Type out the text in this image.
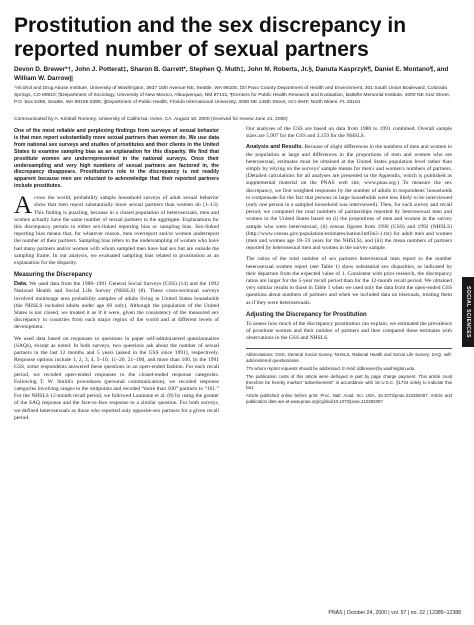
Prostitution and the sex discrepancy in reported number of sexual partners
Devon D. Brewer*†, John J. Potterat‡, Sharon B. Garrett*, Stephen Q. Muth‡, John M. Roberts, Jr.§, Danuta Kasprzyk¶, Daniel E. Montano¶, and William W. Darrow||
*Alcohol and Drug Abuse Institute, University of Washington, 3937 15th Avenue NE, Seattle, WA 98105; ‡El Paso County Department of Health and Environment, 301 South Union Boulevard, Colorado Springs, CO 80910; §Department of Sociology, University of New Mexico, Albuquerque, NM 87131; ¶Centers for Public Health Research and Evaluation, Battelle Memorial Institute, 4000 NE 41st Street, P.O. Box 5395, Seattle, WA 98105-5395; ||Department of Public Health, Florida International University, 3000 NE 145th Street, ACI-394F, North Miami, FL 33181
Communicated by A. Kimball Romney, University of California, Irvine, CA, August 16, 2000 (received for review June 21, 2000)
One of the most reliable and perplexing findings from surveys of sexual behavior is that men report substantially more sexual partners than women do. We use data from national sex surveys and studies of prostitutes and their clients in the United States to examine sampling bias as an explanation for this disparity. We find that prostitute women are underrepresented in the national surveys. Once their undersampling and very high numbers of sexual partners are factored in, the discrepancy disappears. Prostitution's role in the discrepancy is not readily apparent because men are reluctant to acknowledge that their reported partners include prostitutes.
Across the world, probability sample household surveys of adult sexual behavior show that men report substantially more sexual partners than women do (1–13). This finding is puzzling, because in a closed population of heterosexuals, men and women actually have the same number of sexual partners in the aggregate. Explanations for this discrepancy pertain to either sex-linked reporting bias or sampling bias. Sex-linked reporting bias means that, for whatever reason, men overreport and/or women underreport the number of their partners. Sampling bias refers to the undersampling of women who have had many partners and/or women with whom sampled men have had sex but are outside the sampling frame. In our analysis, we evaluated sampling bias related to prostitution as an explanation for the disparity.
Measuring the Discrepancy
Data. We used data from the 1988–1991 General Social Surveys (GSS) (14) and the 1992 National Health and Social Life Survey (NHSLS) (8). These cross-sectional surveys involved multistage area probability samples of adults living in United States households (the NHSLS included adults under age 60 only). Although the population of the United States is not closed, we treated it as if it were, given the consistency of the measured sex discrepancy in countries from each major region of the world and at different levels of development.
We used data based on responses to questions in paper self-administered questionnaires (SAQs), except as noted. In both surveys, two questions ask about the number of sexual partners in the last 12 months and 5 years (asked in the GSS since 1991), respectively. Response options include 1, 2, 3, 4, 5–10, 11–20, 21–100, and more than 100. In the 1991 GSS, some respondents answered these questions in an open-ended fashion. For each recall period, we recoded open-ended responses to the closed-ended response categories. Following T. W. Smith's procedures (personal communication), we recoded response categories involving ranges to the midpoints and recoded “more than 100” partners to “101.” For the NHSLS 12-month recall period, we followed Laumann et al. (8) by using the greater of the SAQ response and the face-to-face response to a similar question. For both surveys, we defined heterosexuals as those who reported only opposite-sex partners for a given recall period.
Our analyses of the GSS are based on data from 1988 to 1991 combined. Overall sample sizes are 5,907 for the GSS and 3,159 for the NHSLS.
Analysis and Results. Because of slight differences in the numbers of men and women in the population at large and differences in the proportions of men and women who are heterosexual, estimates must be obtained at the United States population level rather than simply by relying on the surveys' sample means for men's and women's numbers of partners. (Detailed calculations for all analyses are presented in the Appendix, which is published as supplemental material on the PNAS web site, www.pnas.org.) To measure the sex discrepancy, we first weighted responses by the number of adults in respondents' households to compensate for the fact that persons in large households were less likely to be interviewed (only one person in a sampled household was interviewed). Then, for each survey and recall period, we computed the total numbers of partnerships reported by heterosexual men and women in the United States based on (i) the proportions of men and women in the survey sample who were heterosexual, (ii) census figures from 1990 (GSS) and 1992 (NHSLS) (http://www.census.gov/population/estimates/nation/intfile2-1.txt) for adult men and women (men and women age 18–59 years for the NHSLS), and (iii) the mean numbers of partners reported by heterosexual men and women in the survey sample.
The ratios of the total number of sex partners heterosexual men report to the number heterosexual women report (see Table 1) show substantial sex disparities, as indicated by their departure from the expected value of 1. Consistent with prior research, the discrepancy ratios are larger for the 5-year recall period than for the 12-month recall period. We obtained very similar results to those in Table 1 when we used only the data from the open-ended GSS questions about numbers of partners and when we included data on bisexuals, treating them as if they were heterosexuals.
Adjusting the Discrepancy for Prostitution
To assess how much of the discrepancy prostitution can explain, we estimated the prevalence of prostitute women and their number of partners and then compared these estimates with observations in the GSS and NHSLS.
Abbreviations: GSS, General Social Survey; NHSLS, National Health and Social Life Survey; SAQ, self-administered questionnaire.
†To whom reprint requests should be addressed. E-mail: ddbrewer@u.washington.edu.
The publication costs of this article were defrayed in part by page charge payment. This article must therefore be hereby marked “advertisement” in accordance with 18 U.S.C. §1734 solely to indicate this fact.
Article published online before print: Proc. Natl. Acad. Sci. USA, 10.1073/pnas.210392097. Article and publication date are at www.pnas.org/cgi/doi/10.1073/pnas.210392097
PNAS | October 24, 2000 | vol. 97 | no. 22 | 12385–12388
SOCIAL SCIENCES
